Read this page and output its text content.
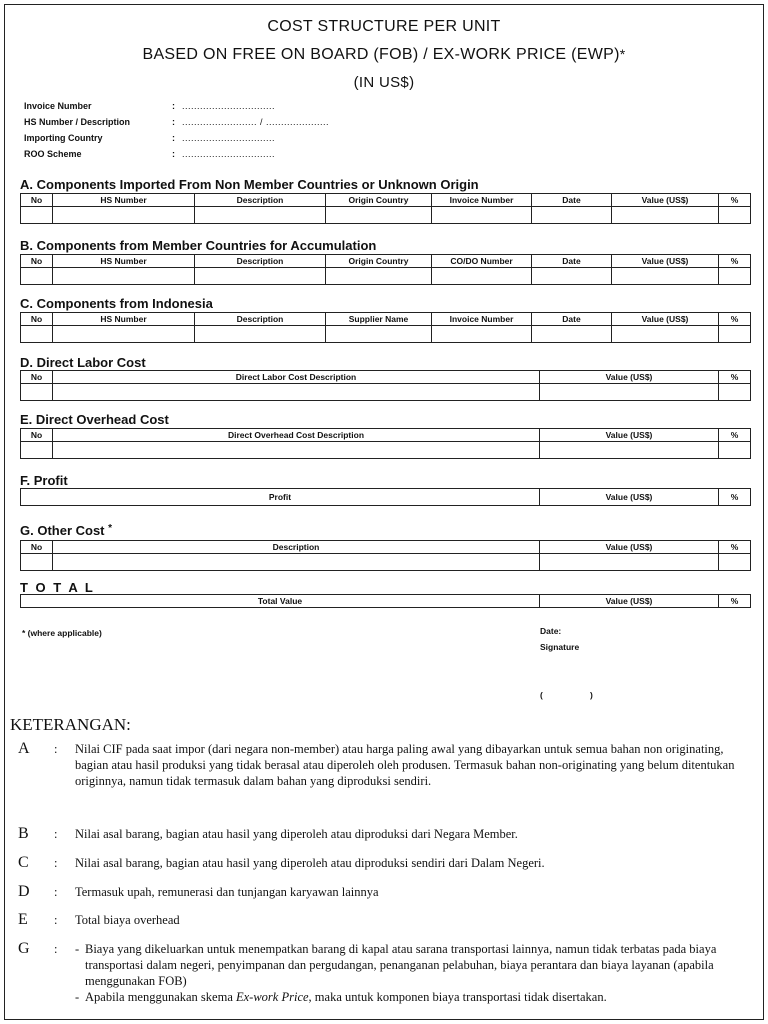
COST STRUCTURE PER UNIT
BASED ON FREE ON BOARD (FOB) / EX-WORK PRICE (EWP)*
(IN US$)
Invoice Number	: ...............................
HS Number / Description	: ......................... / .....................
Importing Country	: ...............................
ROO Scheme	: ...............................
A. Components Imported From Non Member Countries or Unknown Origin
No	HS Number	Description	Origin Country	Invoice Number	Date	Value (US$)	%

B. Components from Member Countries for Accumulation
No	HS Number	Description	Origin Country	CO/DO Number	Date	Value (US$)	%

C. Components from Indonesia
No	HS Number	Description	Supplier Name	Invoice Number	Date	Value (US$)	%

D. Direct Labor Cost
No	Direct Labor Cost Description	Value (US$)	%

E. Direct Overhead Cost
No	Direct Overhead Cost Description	Value (US$)	%

F. Profit
Profit	Value (US$)	%
G. Other Cost *
No	Description	Value (US$)	%

T O T A L
Total Value	Value (US$)	%
* (where applicable)	Date:
Signature
(                    )
KETERANGAN:
A : Nilai CIF pada saat impor (dari negara non-member) atau harga paling awal yang dibayarkan untuk semua bahan non originating, bagian atau hasil produksi yang tidak berasal atau diperoleh oleh produsen. Termasuk bahan non-originating yang belum ditentukan originnya, namun tidak termasuk dalam bahan yang diproduksi sendiri.
B : Nilai asal barang, bagian atau hasil yang diperoleh atau diproduksi dari Negara Member.
C : Nilai asal barang, bagian atau hasil yang diperoleh atau diproduksi sendiri dari Dalam Negeri.
D : Termasuk upah, remunerasi dan tunjangan karyawan lainnya
E : Total biaya overhead
G : - Biaya yang dikeluarkan untuk menempatkan barang di kapal atau sarana transportasi lainnya, namun tidak terbatas pada biaya transportasi dalam negeri, penyimpanan dan pergudangan, penanganan pelabuhan, biaya perantara dan biaya layanan (apabila menggunakan FOB)
- Apabila menggunakan skema Ex-work Price, maka untuk komponen biaya transportasi tidak disertakan.
